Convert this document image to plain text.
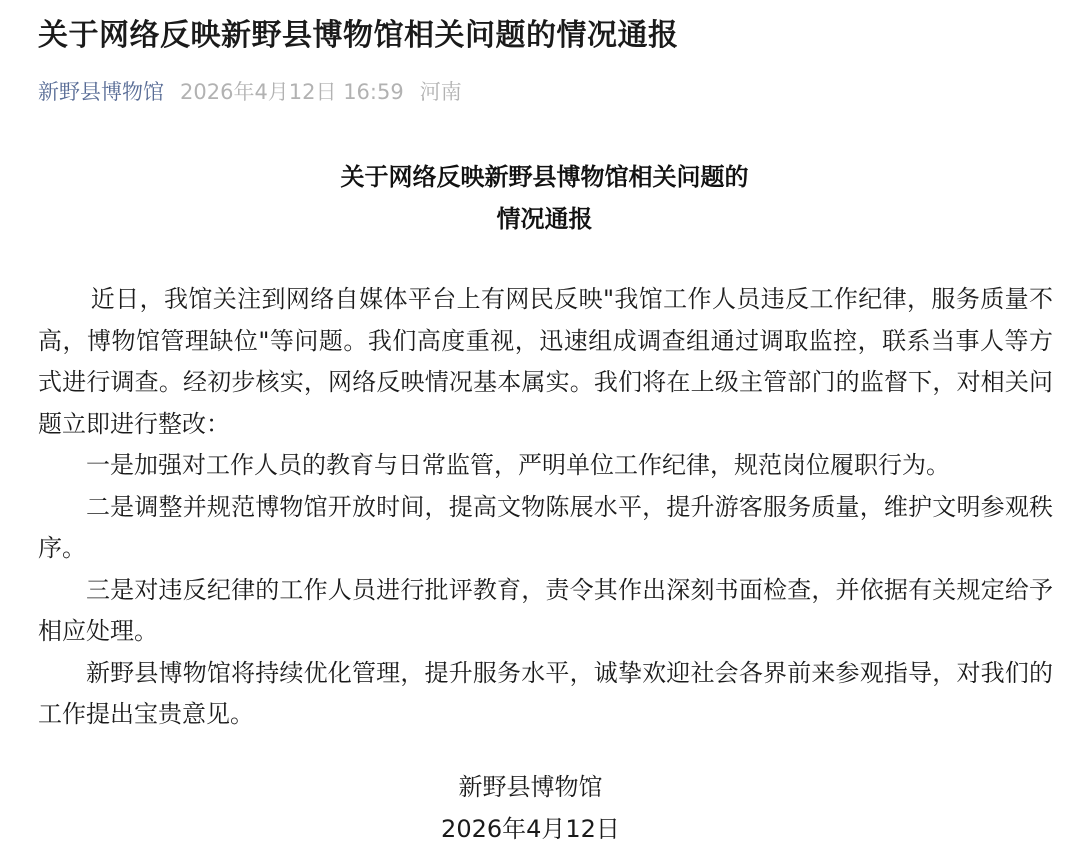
关于网络反映新野县博物馆相关问题的情况通报
新野县博物馆 2026年4月12日 16:59 河南
关于网络反映新野县博物馆相关问题的
情况通报

近日，我馆关注到网络自媒体平台上有网民反映"我馆工作人员违反工作纪律，服务质量不高，博物馆管理缺位"等问题。我们高度重视，迅速组成调查组通过调取监控，联系当事人等方式进行调查。经初步核实，网络反映情况基本属实。我们将在上级主管部门的监督下，对相关问题立即进行整改：

一是加强对工作人员的教育与日常监管，严明单位工作纪律，规范岗位履职行为。

二是调整并规范博物馆开放时间，提高文物陈展水平，提升游客服务质量，维护文明参观秩序。

三是对违反纪律的工作人员进行批评教育，责令其作出深刻书面检查，并依据有关规定给予相应处理。

新野县博物馆将持续优化管理，提升服务水平，诚挚欢迎社会各界前来参观指导，对我们的工作提出宝贵意见。

新野县博物馆
2026年4月12日
